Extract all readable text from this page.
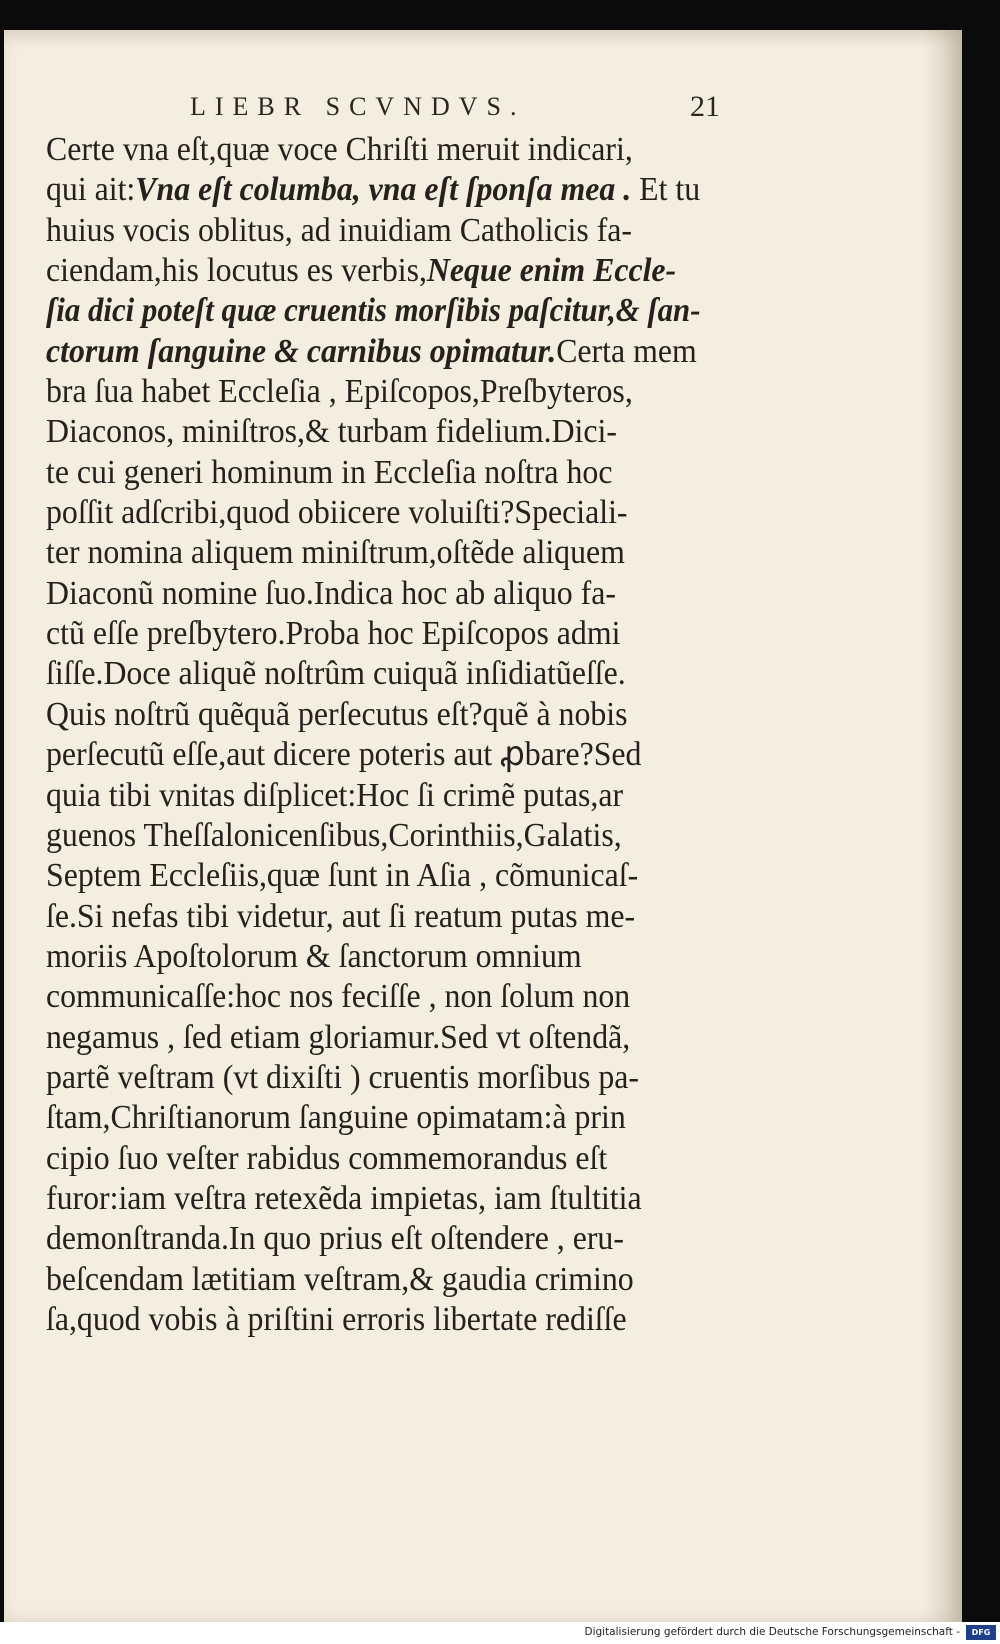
LIEBR SCVNDVS.	21
Certe vna eſt,quæ voce Chriſti meruit indicari,
qui ait:Vna eſt columba, vna eſt ſponſa mea . Et tu
huius vocis oblitus, ad inuidiam Catholicis fa-
ciendam,his locutus es verbis,Neque enim Eccle-
ſia dici poteſt quæ cruentis morſibis paſcitur,& ſan-
ctorum ſanguine & carnibus opimatur.Certa mem
bra ſua habet Eccleſia , Epiſcopos,Preſbyteros,
Diaconos, miniſtros,& turbam fidelium.Dici-
te cui generi hominum in Eccleſia noſtra hoc
poſſit adſcribi,quod obiicere voluiſti?Speciali-
ter nomina aliquem miniſtrum,oſtẽde aliquem
Diaconũ nomine ſuo.Indica hoc ab aliquo fa-
ctũ eſſe preſbytero.Proba hoc Epiſcopos admi
ſiſſe.Doce aliquẽ noſtrûm cuiquã inſidiatũeſſe.
Quis noſtrũ quẽquã perſecutus eſt?quẽ à nobis
perſecutũ eſſe,aut dicere poteris aut ꝓbare?Sed
quia tibi vnitas diſplicet:Hoc ſi crimẽ putas,ar
guenos Theſſalonicenſibus,Corinthiis,Galatis,
Septem Eccleſiis,quæ ſunt in Aſia , cõmunicaſ-
ſe.Si nefas tibi videtur, aut ſi reatum putas me-
moriis Apoſtolorum & ſanctorum omnium
communicaſſe:hoc nos feciſſe , non ſolum non
negamus , ſed etiam gloriamur.Sed vt oſtendã,
partẽ veſtram (vt dixiſti ) cruentis morſibus pa-
ſtam,Chriſtianorum ſanguine opimatam:à prin
cipio ſuo veſter rabidus commemorandus eſt
furor:iam veſtra retexẽda impietas, iam ſtultitia
demonſtranda.In quo prius eſt oſtendere , eru-
beſcendam lætitiam veſtram,& gaudia crimino
ſa,quod vobis à priſtini erroris libertate rediſſe
Digitalisierung gefördert durch die Deutsche Forschungsgemeinschaft -	DFG
